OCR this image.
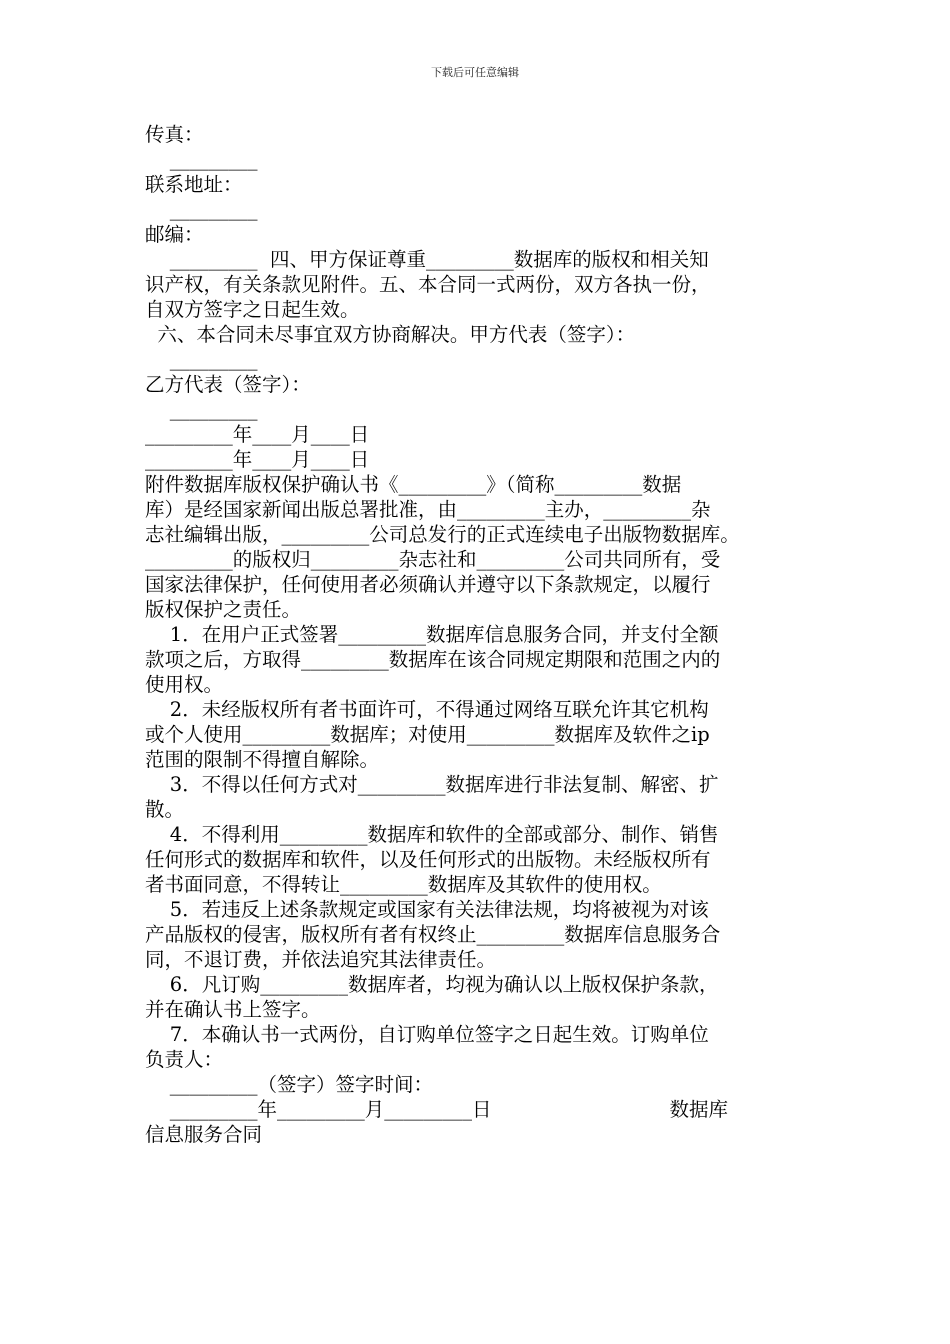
下载后可任意编辑
传真：
_________
联系地址：
_________
邮编：
_________  四、甲方保证尊重_________数据库的版权和相关知
识产权，有关条款见附件。五、本合同一式两份，双方各执一份，
自双方签字之日起生效。
六、本合同未尽事宜双方协商解决。甲方代表（签字）：
_________
乙方代表（签字）：
_________
_________年____月____日
_________年____月____日
附件数据库版权保护确认书《_________》（简称_________数据
库）是经国家新闻出版总署批准，由_________主办，_________杂
志社编辑出版，_________公司总发行的正式连续电子出版物数据库。
_________的版权归_________杂志社和_________公司共同所有，受
国家法律保护，任何使用者必须确认并遵守以下条款规定，以履行
版权保护之责任。
1．在用户正式签署_________数据库信息服务合同，并支付全额
款项之后，方取得_________数据库在该合同规定期限和范围之内的
使用权。
2．未经版权所有者书面许可，不得通过网络互联允许其它机构
或个人使用_________数据库；对使用_________数据库及软件之ip
范围的限制不得擅自解除。
3．不得以任何方式对_________数据库进行非法复制、解密、扩
散。
4．不得利用_________数据库和软件的全部或部分、制作、销售
任何形式的数据库和软件，以及任何形式的出版物。未经版权所有
者书面同意，不得转让_________数据库及其软件的使用权。
5．若违反上述条款规定或国家有关法律法规，均将被视为对该
产品版权的侵害，版权所有者有权终止_________数据库信息服务合
同，不退订费，并依法追究其法律责任。
6．凡订购_________数据库者，均视为确认以上版权保护条款，
并在确认书上签字。
7．本确认书一式两份，自订购单位签字之日起生效。订购单位
负责人：
_________（签字）签字时间：
_________年_________月_________日	数据库
信息服务合同
